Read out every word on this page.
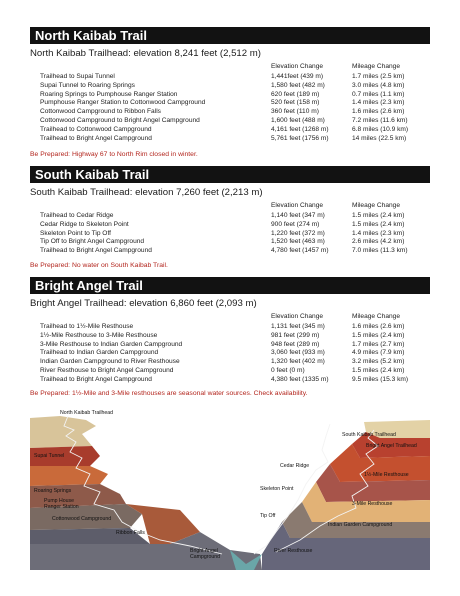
North Kaibab Trail
North Kaibab Trailhead: elevation 8,241 feet (2,512 m)
Elevation Change	Mileage Change
Trailhead to Supai Tunnel	1,441feet (439 m)	1.7 miles (2.5 km)
Supai Tunnel to Roaring Springs	1,580 feet (482 m)	3.0 miles (4.8 km)
Roaring Springs to Pumphouse Ranger Station	620 feet (189 m)	0.7 miles (1.1 km)
Pumphouse Ranger Station to Cottonwood Campground	520 feet (158 m)	1.4 miles (2.3 km)
Cottonwood Campground to Ribbon Falls	360 feet (110 m)	1.6 miles (2.6 km)
Cottonwood Campground to Bright Angel Campground	1,600 feet (488 m)	7.2 miles (11.6 km)
Trailhead to Cottonwood Campground	4,161 feet (1268 m)	6.8 miles (10.9 km)
Trailhead to Bright Angel Campground	5,761 feet (1756 m)	14 miles (22.5 km)
Be Prepared: Highway 67 to North Rim closed in winter.
South Kaibab Trail
South Kaibab Trailhead: elevation 7,260 feet (2,213 m)
Elevation Change	Mileage Change
Trailhead to Cedar Ridge	1,140 feet (347 m)	1.5 miles (2.4 km)
Cedar Ridge to Skeleton Point	900 feet (274 m)	1.5 miles (2.4 km)
Skeleton Point to Tip Off	1,220 feet (372 m)	1.4 miles (2.3 km)
Tip Off to Bright Angel Campground	1,520 feet (463 m)	2.6 miles (4.2 km)
Trailhead to Bright Angel Campground	4,780 feet (1457 m)	7.0 miles (11.3 km)
Be Prepared: No water on South Kaibab Trail.
Bright Angel Trail
Bright Angel Trailhead: elevation 6,860 feet (2,093 m)
Elevation Change	Mileage Change
Trailhead to 1½-Mile Resthouse	1,131 feet (345 m)	1.6 miles (2.6 km)
1½-Mile Resthouse to 3-Mile Resthouse	981 feet (299 m)	1.5 miles (2.4 km)
3-Mile Resthouse to Indian Garden Campground	948 feet (289 m)	1.7 miles (2.7 km)
Trailhead to Indian Garden Campground	3,060 feet (933 m)	4.9 miles (7.9 km)
Indian Garden Campground to River Resthouse	1,320 feet (402 m)	3.2 miles (5.2 km)
River Resthouse to Bright Angel Campground	0 feet (0 m)	1.5 miles (2.4 km)
Trailhead to Bright Angel Campground	4,380 feet (1335 m)	9.5 miles (15.3 km)
Be Prepared: 1½-Mile and 3-Mile resthouses are seasonal water sources. Check availability.
North Kaibab Trailhead
Supai Tunnel
Roaring Springs
Pump House
Ranger Station
Cottonwood Campground
Ribbon Falls
Bright Angel
Campground
River Resthouse
Tip Off
Skeleton Point
Cedar Ridge
South Kaibab Trailhead
Bright Angel Trailhead
1½-Mile Resthouse
3-Mile Resthouse
Indian Garden Campground
